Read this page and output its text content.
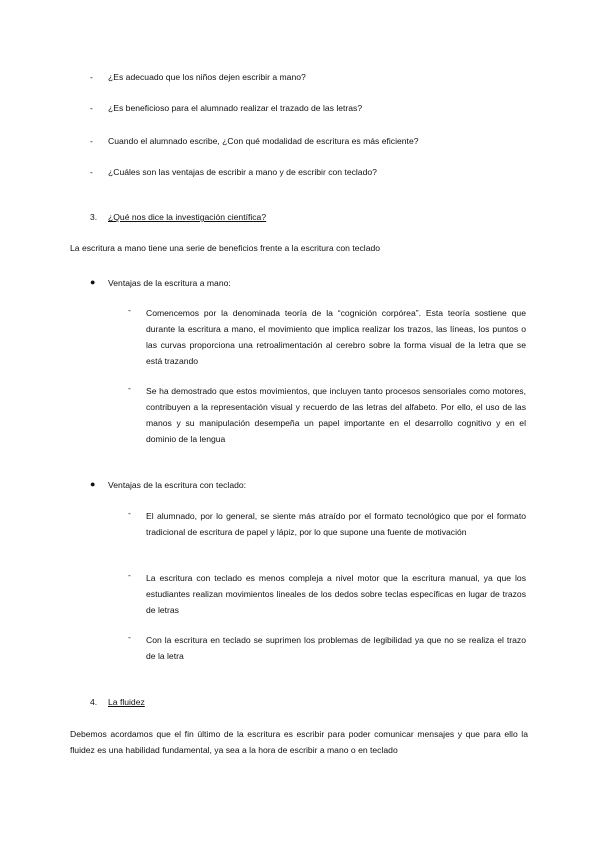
- ¿Es adecuado que los niños dejen escribir a mano?
- ¿Es beneficioso para el alumnado realizar el trazado de las letras?
- Cuando el alumnado escribe, ¿Con qué modalidad de escritura es más eficiente?
- ¿Cuáles son las ventajas de escribir a mano y de escribir con teclado?
3. ¿Qué nos dice la investigación científica?
La escritura a mano tiene una serie de beneficios frente a la escritura con teclado
● Ventajas de la escritura a mano:
- Comencemos por la denominada teoría de la “cognición corpórea”. Esta teoría sostiene que durante la escritura a mano, el movimiento que implica realizar los trazos, las líneas, los puntos o las curvas proporciona una retroalimentación al cerebro sobre la forma visual de la letra que se está trazando
- Se ha demostrado que estos movimientos, que incluyen tanto procesos sensoriales como motores, contribuyen a la representación visual y recuerdo de las letras del alfabeto. Por ello, el uso de las manos y su manipulación desempeña un papel importante en el desarrollo cognitivo y en el dominio de la lengua
● Ventajas de la escritura con teclado:
- El alumnado, por lo general, se siente más atraído por el formato tecnológico que por el formato tradicional de escritura de papel y lápiz, por lo que supone una fuente de motivación
- La escritura con teclado es menos compleja a nivel motor que la escritura manual, ya que los estudiantes realizan movimientos lineales de los dedos sobre teclas específicas en lugar de trazos de letras
- Con la escritura en teclado se suprimen los problemas de legibilidad ya que no se realiza el trazo de la letra
4. La fluidez
Debemos acordamos que el fin último de la escritura es escribir para poder comunicar mensajes y que para ello la fluidez es una habilidad fundamental, ya sea a la hora de escribir a mano o en teclado
